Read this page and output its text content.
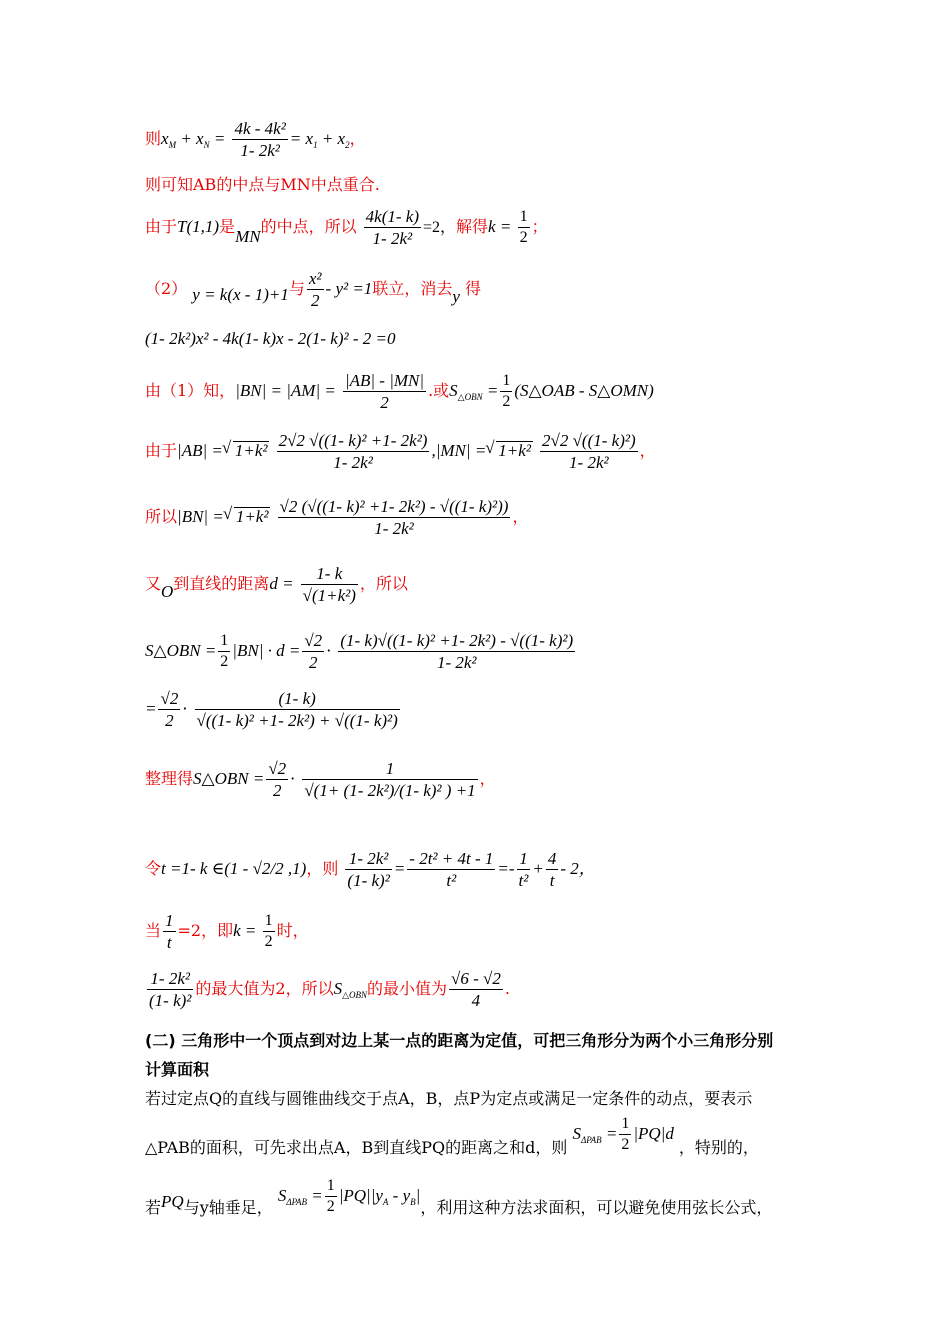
则$x_M + x_N = \frac{\text{4k - 4k²}}{\text{1- 2k²}} = x_1 + x_2$，
则可知AB的中点与MN中点重合.
由于T(1,1)是MN的中点，所以 $\frac{4k(1- k)}{\text{1- 2k²}} =2$，解得$k = \frac{1}{2}$ ；
（2） y = k(x - 1)+1与 $\frac{\text{x²}}{2} - y^2 =1$联立，消去y 得
(1- 2k²)x² - 4k(1- k)x - 2(1- k)² - 2 =0
由（1）知，$|BN| = |AM| = \frac{|AB| - |MN|}{2}$ .或$S_{\triangle OBN} = \frac{1}{2}$ (S△OAB - S△OMN)
由于|AB| = √ $1+k^2 \frac{\text{2√2 √((1- k)² +1- 2k²)}}{\text{1- 2k²}} ,|MN|$ = √ $1+k^2 \frac{\text{2√2 √((1- k)²)}}{\text{1- 2k²}}$ ，
所以|BN| = √ $1+k^2 \frac{\text{√2 (√((1- k)² +1- 2k²) - √((1- k)²))}}{\text{1- 2k²}}$ ，
又O到直线的距离$d = \frac{1- k}{\text{√(1+k²)}}$ ，所以
S△OBN = $\frac{1}{2} |BN| \cdot d = \frac{√2}{2} \cdot \frac{\text{(1- k)√((1- k)² +1- 2k²) - √((1- k)²)}}{\text{1- 2k²}}$
= $\frac{√2}{2} \cdot \frac{(1- k)}{\text{√((1- k)² +1- 2k²) + √((1- k)²)}}$
整理得S△OBN = $\frac{√2}{2} \cdot \frac{1}{\text{√(1+ (1- 2k²)/(1- k)² ) +1}}$ ，
令t =1- k ∈(1 - √2/2 ,1)，则 $\frac{\text{1- 2k²}}{\text{(1- k)²}} = \frac{\text{- 2t² + 4t - 1}}{\text{t²}} =- \frac{1}{\text{t²}} + \frac{4}{t} - 2$，
当 $\frac{1}{t} =2$，即$k = \frac{1}{2}$ 时，
$\frac{\text{1- 2k²}}{\text{(1- k)²}}$ 的最大值为2，所以$S_{\triangle OBN}$的最小值为 $\frac{√6 - √2}{4}$ .
(二) 三角形中一个顶点到对边上某一点的距离为定值，可把三角形分为两个小三角形分别
计算面积
若过定点Q的直线与圆锥曲线交于点A，B，点P为定点或满足一定条件的动点，要表示
△PAB的面积，可先求出点A，B到直线PQ的距离之和d，则 $S_{\Delta PAB} = \frac{1}{2} |PQ|d$ ，特别的，
若PQ与y轴垂足， $S_{\Delta PAB} = \frac{1}{2} |PQ||y_A - y_B|$，利用这种方法求面积，可以避免使用弦长公式，
